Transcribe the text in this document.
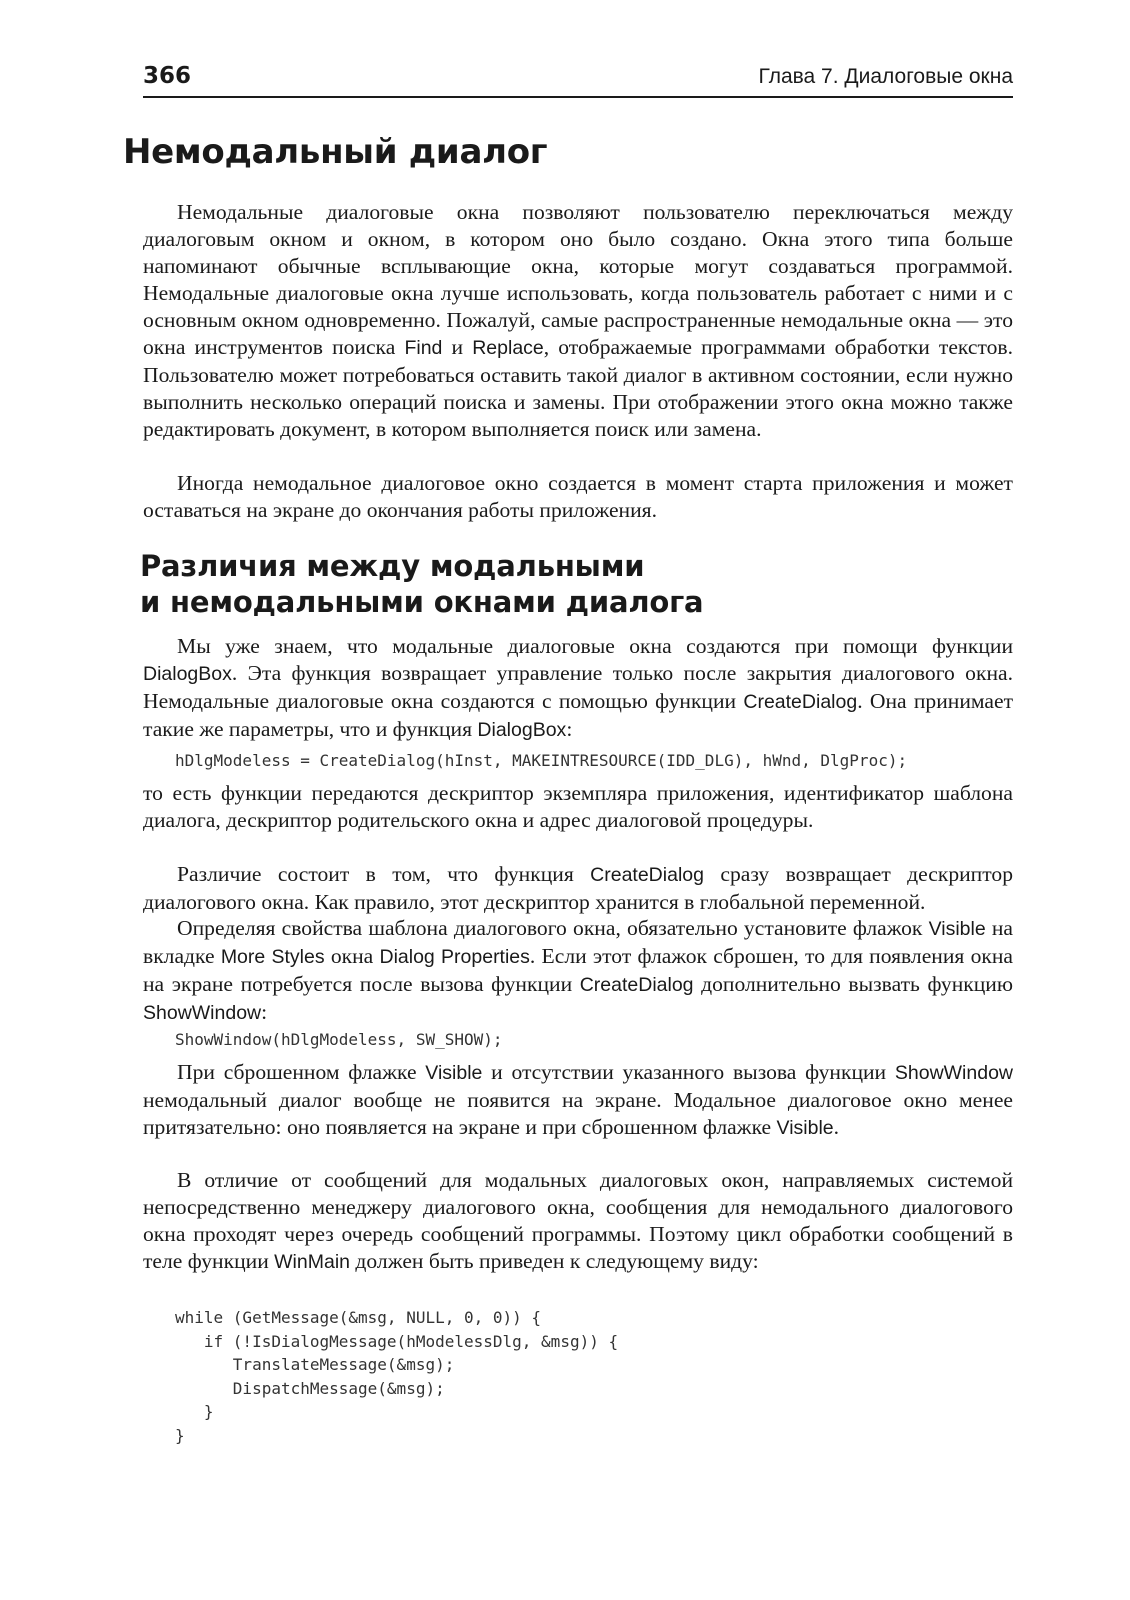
366	Глава 7. Диалоговые окна
Немодальный диалог

Немодальные диалоговые окна позволяют пользователю переключаться между диалоговым окном и окном, в котором оно было создано. Окна этого типа больше напоминают обычные всплывающие окна, которые могут создаваться программой. Немодальные диалоговые окна лучше использовать, когда пользователь работает с ними и с основным окном одновременно. Пожалуй, самые распространенные немодальные окна — это окна инструментов поиска Find и Replace, отображаемые программами обработки текстов. Пользователю может потребоваться оставить такой диалог в активном состоянии, если нужно выполнить несколько операций поиска и замены. При отображении этого окна можно также редактировать документ, в котором выполняется поиск или замена.

Иногда немодальное диалоговое окно создается в момент старта приложения и может оставаться на экране до окончания работы приложения.

Различия между модальными
и немодальными окнами диалога

Мы уже знаем, что модальные диалоговые окна создаются при помощи функции DialogBox. Эта функция возвращает управление только после закрытия диалогового окна. Немодальные диалоговые окна создаются с помощью функции CreateDialog. Она принимает такие же параметры, что и функция DialogBox:

hDlgModeless = CreateDialog(hInst, MAKEINTRESOURCE(IDD_DLG), hWnd, DlgProc);

то есть функции передаются дескриптор экземпляра приложения, идентификатор шаблона диалога, дескриптор родительского окна и адрес диалоговой процедуры.

Различие состоит в том, что функция CreateDialog сразу возвращает дескриптор диалогового окна. Как правило, этот дескриптор хранится в глобальной переменной.

Определяя свойства шаблона диалогового окна, обязательно установите флажок Visible на вкладке More Styles окна Dialog Properties. Если этот флажок сброшен, то для появления окна на экране потребуется после вызова функции CreateDialog дополнительно вызвать функцию ShowWindow:

ShowWindow(hDlgModeless, SW_SHOW);

При сброшенном флажке Visible и отсутствии указанного вызова функции ShowWindow немодальный диалог вообще не появится на экране. Модальное диалоговое окно менее притязательно: оно появляется на экране и при сброшенном флажке Visible.

В отличие от сообщений для модальных диалоговых окон, направляемых системой непосредственно менеджеру диалогового окна, сообщения для немодального диалогового окна проходят через очередь сообщений программы. Поэтому цикл обработки сообщений в теле функции WinMain должен быть приведен к следующему виду:

while (GetMessage(&msg, NULL, 0, 0)) {
if (!IsDialogMessage(hModelessDlg, &msg)) {
TranslateMessage(&msg);
DispatchMessage(&msg);
}
}
